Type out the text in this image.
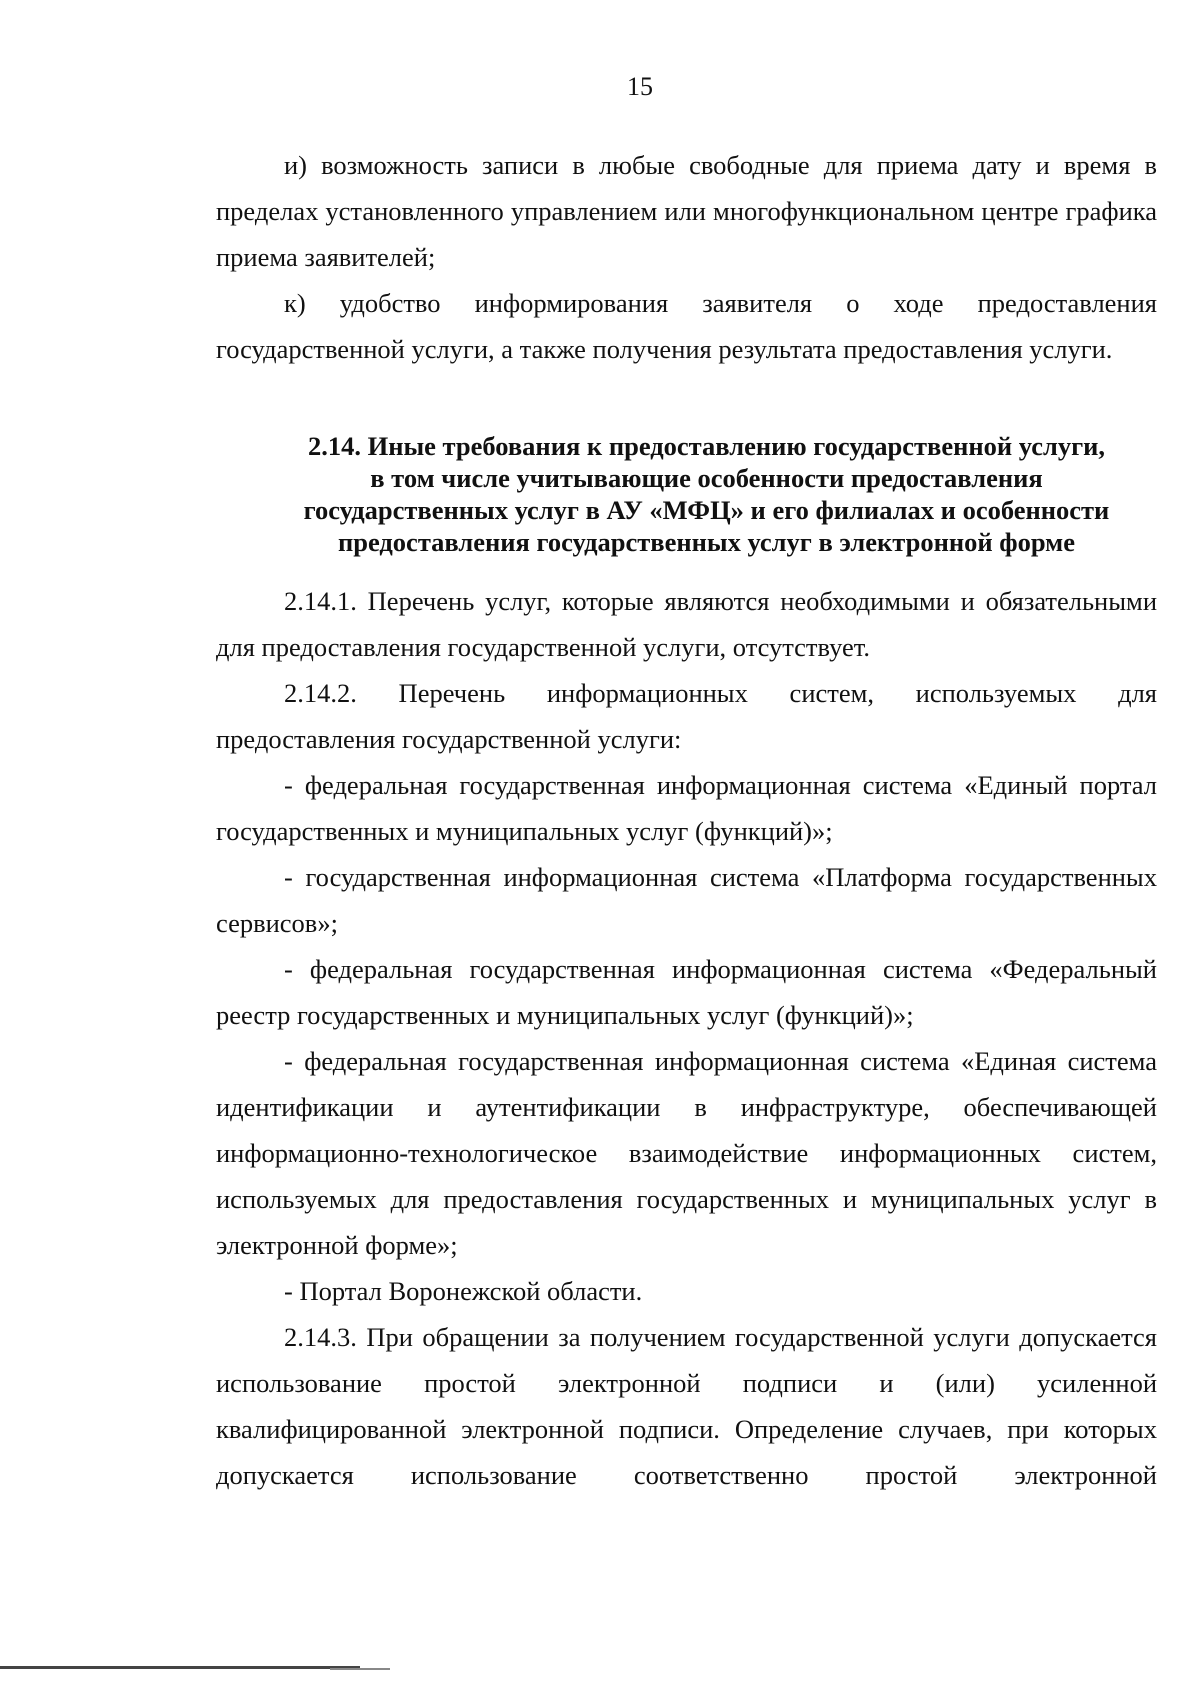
15

и) возможность записи в любые свободные для приема дату и время в пределах установленного управлением или многофункциональном центре графика приема заявителей;

к) удобство информирования заявителя о ходе предоставления государственной услуги, а также получения результата предоставления услуги.

2.14. Иные требования к предоставлению государственной услуги,
в том числе учитывающие особенности предоставления
государственных услуг в АУ «МФЦ» и его филиалах и особенности
предоставления государственных услуг в электронной форме

2.14.1. Перечень услуг, которые являются необходимыми и обязательными для предоставления государственной услуги, отсутствует.

2.14.2. Перечень информационных систем, используемых для предоставления государственной услуги:

- федеральная государственная информационная система «Единый портал государственных и муниципальных услуг (функций)»;

- государственная информационная система «Платформа государственных сервисов»;

- федеральная государственная информационная система «Федеральный реестр государственных и муниципальных услуг (функций)»;

- федеральная государственная информационная система «Единая система идентификации и аутентификации в инфраструктуре, обеспечивающей информационно-технологическое взаимодействие информационных систем, используемых для предоставления государственных и муниципальных услуг в электронной форме»;

- Портал Воронежской области.

2.14.3. При обращении за получением государственной услуги допускается использование простой электронной подписи и (или) усиленной квалифицированной электронной подписи. Определение случаев, при которых допускается использование соответственно простой электронной
